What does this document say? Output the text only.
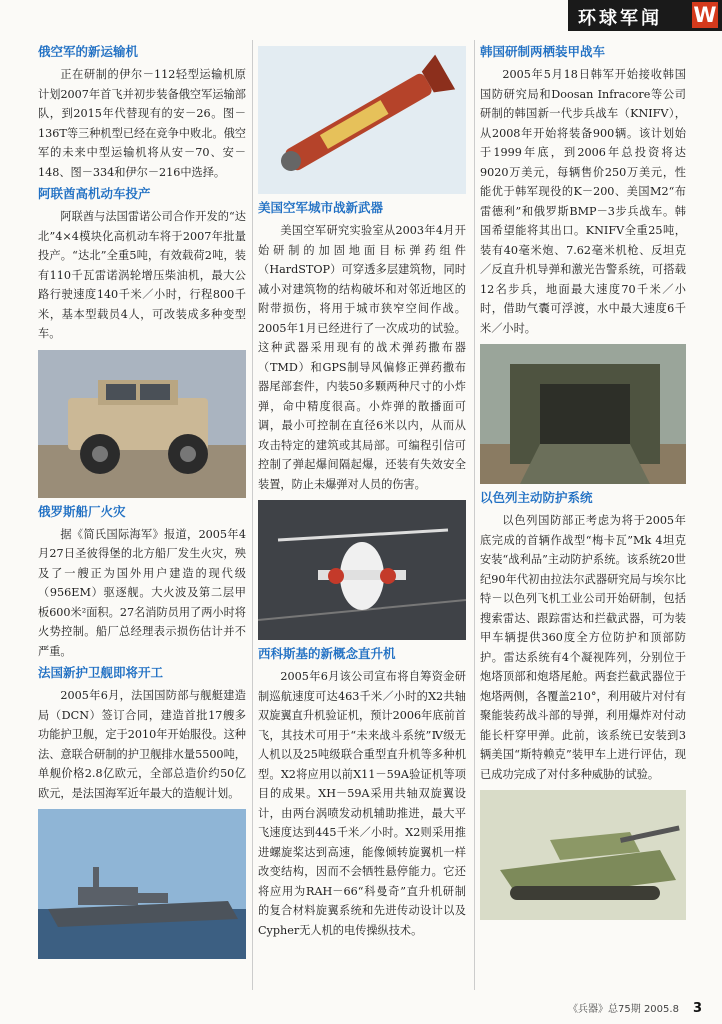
环球军闻 W
俄空军的新运输机

正在研制的伊尔－112轻型运输机原计划2007年首飞并初步装备俄空军运输部队，到2015年代替现有的安－26。图－136T等三种机型已经在竞争中败北。俄空军的未来中型运输机将从安－70、安－148、图－334和伊尔－216中选择。

阿联酋高机动车投产

阿联酋与法国雷诺公司合作开发的“达北”4×4模块化高机动车将于2007年批量投产。“达北”全重5吨，有效载荷2吨，装有110千瓦雷诺涡轮增压柴油机，最大公路行驶速度140千米／小时，行程800千米，基本型载员4人，可改装成多种变型车。

俄罗斯船厂火灾

据《简氏国际海军》报道，2005年4月27日圣彼得堡的北方船厂发生火灾，殃及了一艘正为国外用户建造的现代级（956EM）驱逐舰。大火波及第二层甲板600米²面积。27名消防员用了两小时将火势控制。船厂总经理表示损伤估计并不严重。

法国新护卫舰即将开工

2005年6月，法国国防部与舰艇建造局（DCN）签订合同，建造首批17艘多功能护卫舰，定于2010年开始服役。这种法、意联合研制的护卫舰排水量5500吨，单舰价格2.8亿欧元，全部总造价约50亿欧元，是法国海军近年最大的造舰计划。

美国空军城市战新武器

美国空军研究实验室从2003年4月开始研制的加固地面目标弹药组件（HardSTOP）可穿透多层建筑物，同时减小对建筑物的结构破坏和对邻近地区的附带损伤，将用于城市狭窄空间作战。2005年1月已经进行了一次成功的试验。这种武器采用现有的战术弹药撒布器（TMD）和GPS制导风偏修正弹药撒布器尾部套件，内装50多颗两种尺寸的小炸弹，命中精度很高。小炸弹的散播面可调，最小可控制在直径6米以内，从而从攻击特定的建筑或其局部。可编程引信可控制了弹起爆间隔起爆，还装有失效安全装置，防止未爆弹对人员的伤害。

西科斯基的新概念直升机

2005年6月该公司宣布将自筹资金研制巡航速度可达463千米／小时的X2共轴双旋翼直升机验证机，预计2006年底前首飞，其技术可用于“未来战斗系统”Ⅳ级无人机以及25吨级联合重型直升机等多种机型。X2将应用以前X11－59A验证机等项目的成果。XH－59A采用共轴双旋翼设计，由两台涡喷发动机辅助推进，最大平飞速度达到445千米／小时。X2则采用推进螺旋桨达到高速，能像倾转旋翼机一样改变结构，因而不会牺牲悬停能力。它还将应用为RAH－66“科曼奇”直升机研制的复合材料旋翼系统和先进传动设计以及Cypher无人机的电传操纵技术。

韩国研制两栖装甲战车

2005年5月18日韩军开始接收韩国国防研究局和Doosan Infracore等公司研制的韩国新一代步兵战车（KNIFV），从2008年开始将装备900辆。该计划始于1999年底，到2006年总投资将达9020万美元，每辆售价250万美元，性能优于韩军现役的K－200、美国M2“布雷德利”和俄罗斯BMP－3步兵战车。韩国希望能将其出口。KNIFV全重25吨，装有40毫米炮、7.62毫米机枪、反坦克／反直升机导弹和激光告警系统，可搭载12名步兵，地面最大速度70千米／小时，借助气囊可浮渡，水中最大速度6千米／小时。

以色列主动防护系统

以色列国防部正考虑为将于2005年底完成的首辆作战型“梅卡瓦”Mk 4坦克安装“战利品”主动防护系统。该系统20世纪90年代初由拉法尔武器研究局与埃尔比特－以色列飞机工业公司开始研制，包括搜索雷达、跟踪雷达和拦截武器，可为装甲车辆提供360度全方位防护和顶部防护。雷达系统有4个凝视阵列，分别位于炮塔顶部和炮塔尾舱。两套拦截武器位于炮塔两侧，各覆盖210°，利用破片对付有聚能装药战斗部的导弹，利用爆炸对付动能长杆穿甲弹。此前，该系统已安装到3辆美国“斯特赖克”装甲车上进行评估，现已成功完成了对付多种威胁的试验。

《兵器》总75期 2005.8 3
